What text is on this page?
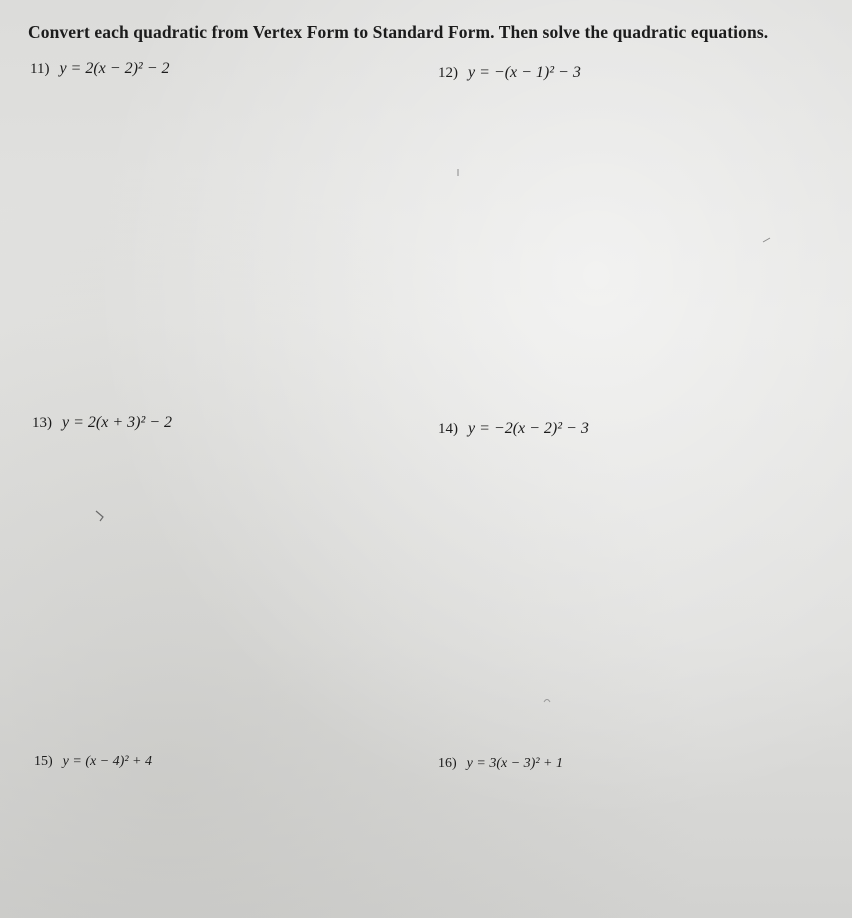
Convert each quadratic from Vertex Form to Standard Form. Then solve the quadratic equations.
11) y = 2(x − 2)² − 2	12) y = −(x − 1)² − 3
13) y = 2(x + 3)² − 2	14) y = −2(x − 2)² − 3
15) y = (x − 4)² + 4	16) y = 3(x − 3)² + 1
